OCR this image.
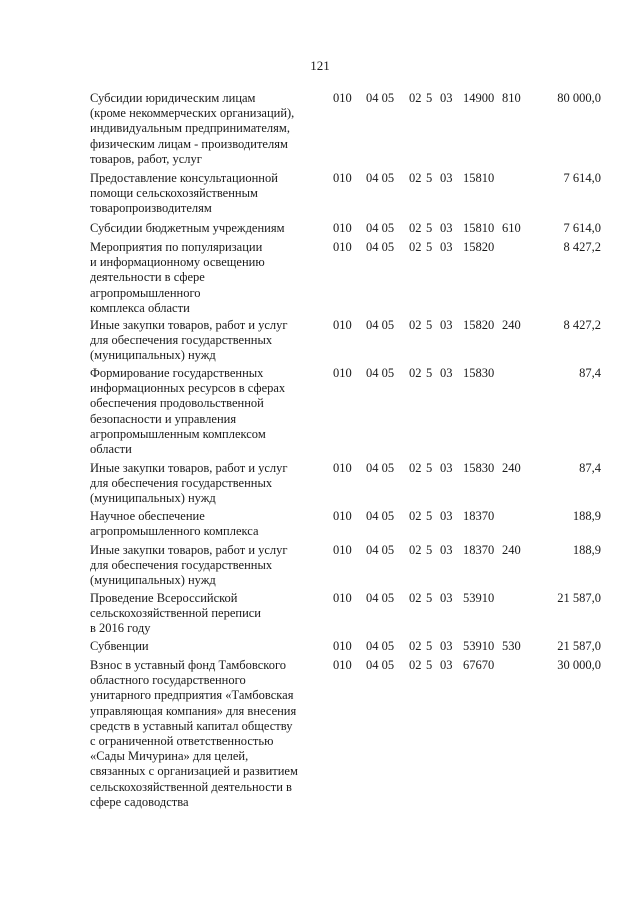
121
Субсидии юридическим лицам
(кроме некоммерческих организаций),
индивидуальным предпринимателям,
физическим лицам - производителям
товаров, работ, услуг
010 04 05 02 5 03 14900 810	80 000,0
Предоставление консультационной
помощи сельскохозяйственным
товаропроизводителям
010 04 05 02 5 03 15810	7 614,0
Субсидии бюджетным учреждениям	010 04 05 02 5 03 15810 610	7 614,0
Мероприятия по популяризации
и информационному освещению
деятельности в сфере
агропромышленного
комплекса области
010 04 05 02 5 03 15820	8 427,2
Иные закупки товаров, работ и услуг
для обеспечения государственных
(муниципальных) нужд
010 04 05 02 5 03 15820 240	8 427,2
Формирование государственных
информационных ресурсов в сферах
обеспечения продовольственной
безопасности и управления
агропромышленным комплексом
области
010 04 05 02 5 03 15830	87,4
Иные закупки товаров, работ и услуг
для обеспечения государственных
(муниципальных) нужд
010 04 05 02 5 03 15830 240	87,4
Научное обеспечение
агропромышленного комплекса
010 04 05 02 5 03 18370	188,9
Иные закупки товаров, работ и услуг
для обеспечения государственных
(муниципальных) нужд
010 04 05 02 5 03 18370 240	188,9
Проведение Всероссийской
сельскохозяйственной переписи
в 2016 году
010 04 05 02 5 03 53910	21 587,0
Субвенции	010 04 05 02 5 03 53910 530	21 587,0
Взнос в уставный фонд Тамбовского
областного государственного
унитарного предприятия «Тамбовская
управляющая компания» для внесения
средств в уставный капитал обществу
с ограниченной ответственностью
«Сады Мичурина» для целей,
связанных с организацией и развитием
сельскохозяйственной деятельности в
сфере садоводства
010 04 05 02 5 03 67670	30 000,0
